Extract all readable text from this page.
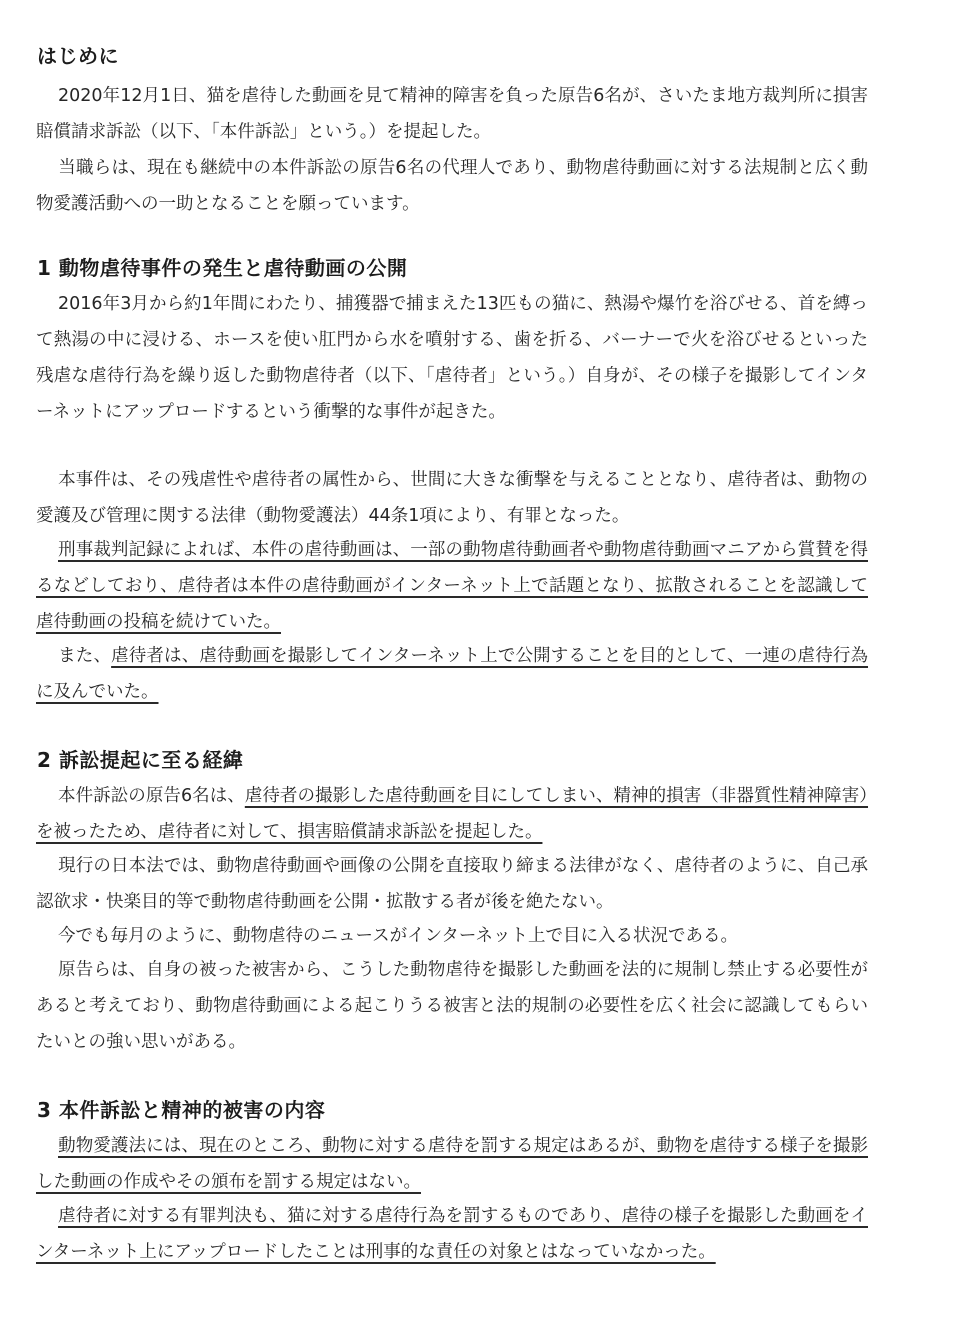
はじめに
2020年12月1日、猫を虐待した動画を見て精神的障害を負った原告6名が、さいたま地方裁判所に損害賠償請求訴訟（以下、「本件訴訟」という。）を提起した。
当職らは、現在も継続中の本件訴訟の原告6名の代理人であり、動物虐待動画に対する法規制と広く動物愛護活動への一助となることを願っています。
1 動物虐待事件の発生と虐待動画の公開
2016年3月から約1年間にわたり、捕獲器で捕まえた13匹もの猫に、熱湯や爆竹を浴びせる、首を縛って熱湯の中に浸ける、ホースを使い肛門から水を噴射する、歯を折る、バーナーで火を浴びせるといった残虐な虐待行為を繰り返した動物虐待者（以下、「虐待者」という。）自身が、その様子を撮影してインターネットにアップロードするという衝撃的な事件が起きた。
本事件は、その残虐性や虐待者の属性から、世間に大きな衝撃を与えることとなり、虐待者は、動物の愛護及び管理に関する法律（動物愛護法）44条1項により、有罪となった。
刑事裁判記録によれば、本件の虐待動画は、一部の動物虐待動画者や動物虐待動画マニアから賞賛を得るなどしており、虐待者は本件の虐待動画がインターネット上で話題となり、拡散されることを認識して虐待動画の投稿を続けていた。
また、虐待者は、虐待動画を撮影してインターネット上で公開することを目的として、一連の虐待行為に及んでいた。
2 訴訟提起に至る経緯
本件訴訟の原告6名は、虐待者の撮影した虐待動画を目にしてしまい、精神的損害（非器質性精神障害）を被ったため、虐待者に対して、損害賠償請求訴訟を提起した。
現行の日本法では、動物虐待動画や画像の公開を直接取り締まる法律がなく、虐待者のように、自己承認欲求・快楽目的等で動物虐待動画を公開・拡散する者が後を絶たない。
今でも毎月のように、動物虐待のニュースがインターネット上で目に入る状況である。
原告らは、自身の被った被害から、こうした動物虐待を撮影した動画を法的に規制し禁止する必要性があると考えており、動物虐待動画による起こりうる被害と法的規制の必要性を広く社会に認識してもらいたいとの強い思いがある。
3 本件訴訟と精神的被害の内容
動物愛護法には、現在のところ、動物に対する虐待を罰する規定はあるが、動物を虐待する様子を撮影した動画の作成やその頒布を罰する規定はない。
虐待者に対する有罪判決も、猫に対する虐待行為を罰するものであり、虐待の様子を撮影した動画をインターネット上にアップロードしたことは刑事的な責任の対象とはなっていなかった。
